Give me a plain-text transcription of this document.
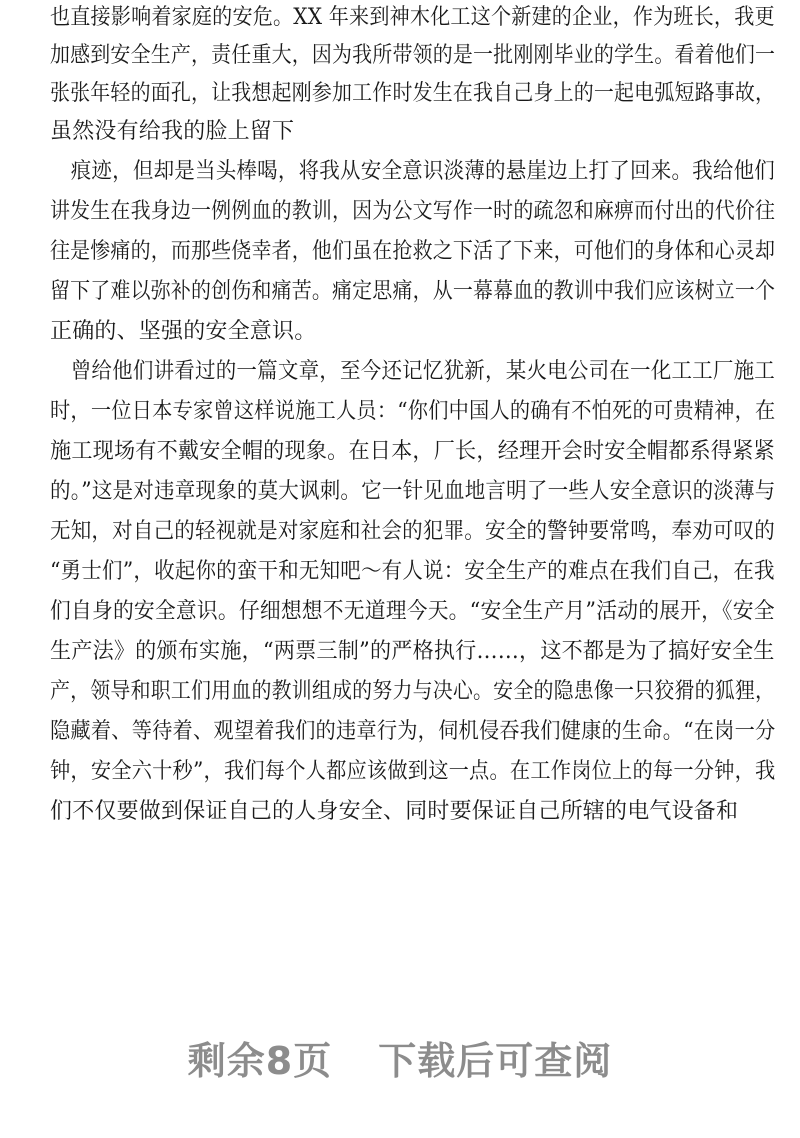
也直接影响着家庭的安危。XX 年来到神木化工这个新建的企业，作为班长，我更
加感到安全生产，责任重大，因为我所带领的是一批刚刚毕业的学生。看着他们一
张张年轻的面孔，让我想起刚参加工作时发生在我自己身上的一起电弧短路事故，
虽然没有给我的脸上留下
　痕迹，但却是当头棒喝，将我从安全意识淡薄的悬崖边上打了回来。我给他们
讲发生在我身边一例例血的教训，因为公文写作一时的疏忽和麻痹而付出的代价往
往是惨痛的，而那些侥幸者，他们虽在抢救之下活了下来，可他们的身体和心灵却
留下了难以弥补的创伤和痛苦。痛定思痛，从一幕幕血的教训中我们应该树立一个
正确的、坚强的安全意识。
　曾给他们讲看过的一篇文章，至今还记忆犹新，某火电公司在一化工工厂施工
时，一位日本专家曾这样说施工人员：“你们中国人的确有不怕死的可贵精神，在
施工现场有不戴安全帽的现象。在日本，厂长，经理开会时安全帽都系得紧紧
的。”这是对违章现象的莫大讽刺。它一针见血地言明了一些人安全意识的淡薄与
无知，对自己的轻视就是对家庭和社会的犯罪。安全的警钟要常鸣，奉劝可叹的
“勇士们”，收起你的蛮干和无知吧～有人说：安全生产的难点在我们自己，在我
们自身的安全意识。仔细想想不无道理今天。“安全生产月”活动的展开，《安全
生产法》的颁布实施，“两票三制”的严格执行……，这不都是为了搞好安全生
产，领导和职工们用血的教训组成的努力与决心。安全的隐患像一只狡猾的狐狸，
隐藏着、等待着、观望着我们的违章行为，伺机侵吞我们健康的生命。“在岗一分
钟，安全六十秒”，我们每个人都应该做到这一点。在工作岗位上的每一分钟，我
们不仅要做到保证自己的人身安全、同时要保证自己所辖的电气设备和
剩余8页 下载后可查阅
